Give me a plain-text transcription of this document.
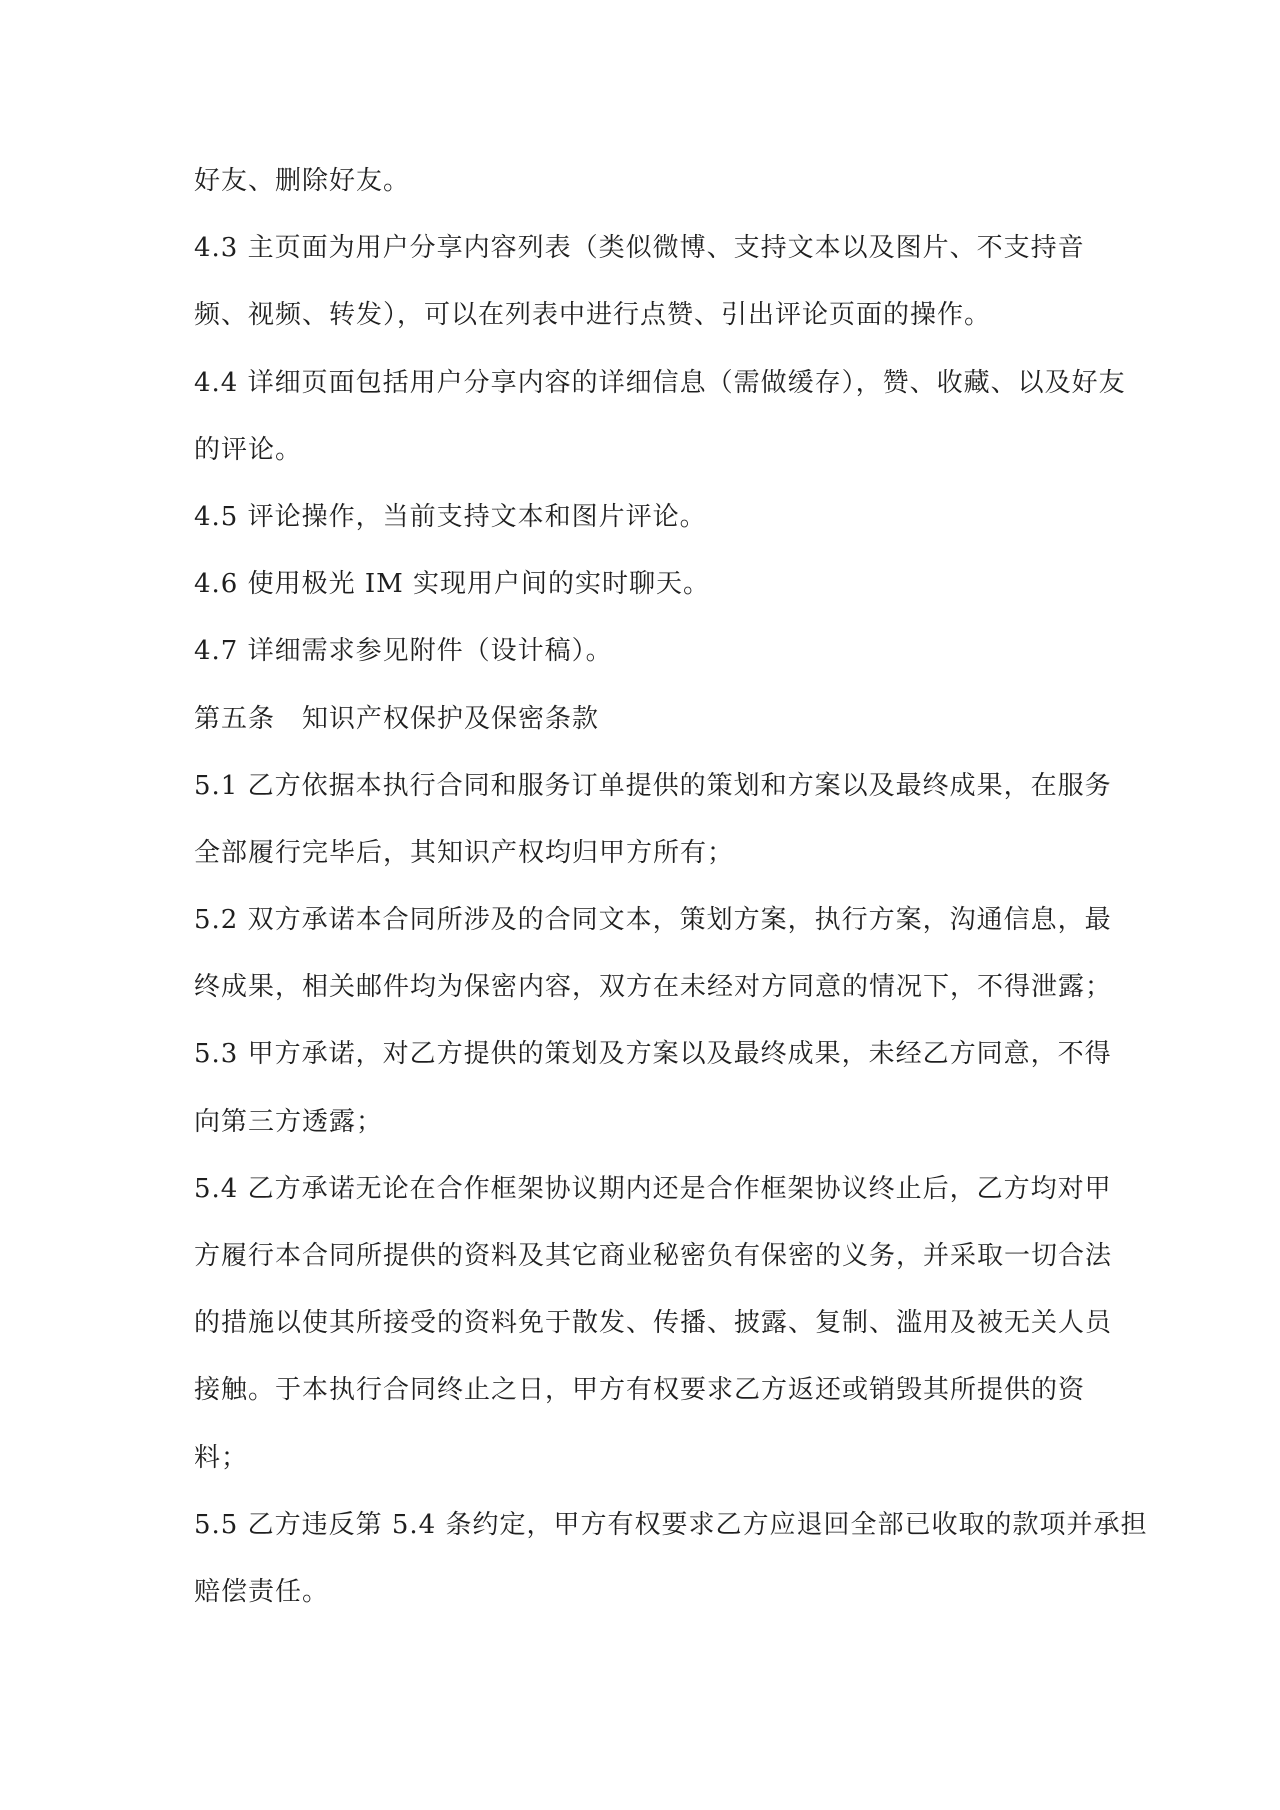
好友、删除好友。
4.3 主页面为用户分享内容列表（类似微博、支持文本以及图片、不支持音
频、视频、转发），可以在列表中进行点赞、引出评论页面的操作。
4.4 详细页面包括用户分享内容的详细信息（需做缓存），赞、收藏、以及好友
的评论。
4.5 评论操作，当前支持文本和图片评论。
4.6 使用极光 IM 实现用户间的实时聊天。
4.7 详细需求参见附件（设计稿）。
第五条　知识产权保护及保密条款
5.1 乙方依据本执行合同和服务订单提供的策划和方案以及最终成果，在服务
全部履行完毕后，其知识产权均归甲方所有；
5.2 双方承诺本合同所涉及的合同文本，策划方案，执行方案，沟通信息，最
终成果，相关邮件均为保密内容，双方在未经对方同意的情况下，不得泄露；
5.3 甲方承诺，对乙方提供的策划及方案以及最终成果，未经乙方同意，不得
向第三方透露；
5.4 乙方承诺无论在合作框架协议期内还是合作框架协议终止后，乙方均对甲
方履行本合同所提供的资料及其它商业秘密负有保密的义务，并采取一切合法
的措施以使其所接受的资料免于散发、传播、披露、复制、滥用及被无关人员
接触。于本执行合同终止之日，甲方有权要求乙方返还或销毁其所提供的资
料；
5.5 乙方违反第 5.4 条约定，甲方有权要求乙方应退回全部已收取的款项并承担
赔偿责任。
